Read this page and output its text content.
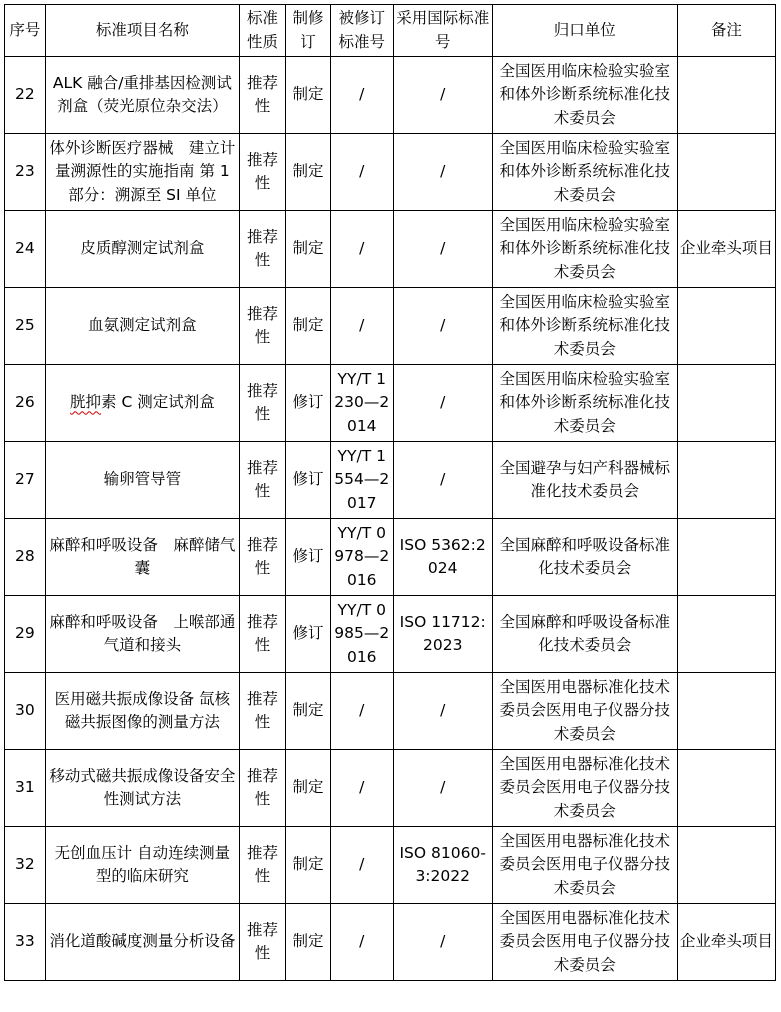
序号	标准项目名称	标准性质	制修订	被修订标准号	采用国际标准号	归口单位	备注
22	ALK 融合/重排基因检测试剂盒（荧光原位杂交法）	推荐性	制定	/	/	全国医用临床检验实验室和体外诊断系统标准化技术委员会	
23	体外诊断医疗器械　建立计量溯源性的实施指南 第 1 部分：溯源至 SI 单位	推荐性	制定	/	/	全国医用临床检验实验室和体外诊断系统标准化技术委员会	
24	皮质醇测定试剂盒	推荐性	制定	/	/	全国医用临床检验实验室和体外诊断系统标准化技术委员会	企业牵头项目
25	血氨测定试剂盒	推荐性	制定	/	/	全国医用临床检验实验室和体外诊断系统标准化技术委员会	
26	胱抑素 C 测定试剂盒	推荐性	修订	YY/T 1230—2014	/	全国医用临床检验实验室和体外诊断系统标准化技术委员会	
27	输卵管导管	推荐性	修订	YY/T 1554—2017	/	全国避孕与妇产科器械标准化技术委员会	
28	麻醉和呼吸设备　麻醉储气囊	推荐性	修订	YY/T 0978—2016	ISO 5362:2024	全国麻醉和呼吸设备标准化技术委员会	
29	麻醉和呼吸设备　上喉部通气道和接头	推荐性	修订	YY/T 0985—2016	ISO 11712:2023	全国麻醉和呼吸设备标准化技术委员会	
30	医用磁共振成像设备 氙核磁共振图像的测量方法	推荐性	制定	/	/	全国医用电器标准化技术委员会医用电子仪器分技术委员会	
31	移动式磁共振成像设备安全性测试方法	推荐性	制定	/	/	全国医用电器标准化技术委员会医用电子仪器分技术委员会	
32	无创血压计 自动连续测量型的临床研究	推荐性	制定	/	ISO 81060-3:2022	全国医用电器标准化技术委员会医用电子仪器分技术委员会	
33	消化道酸碱度测量分析设备	推荐性	制定	/	/	全国医用电器标准化技术委员会医用电子仪器分技术委员会	企业牵头项目
